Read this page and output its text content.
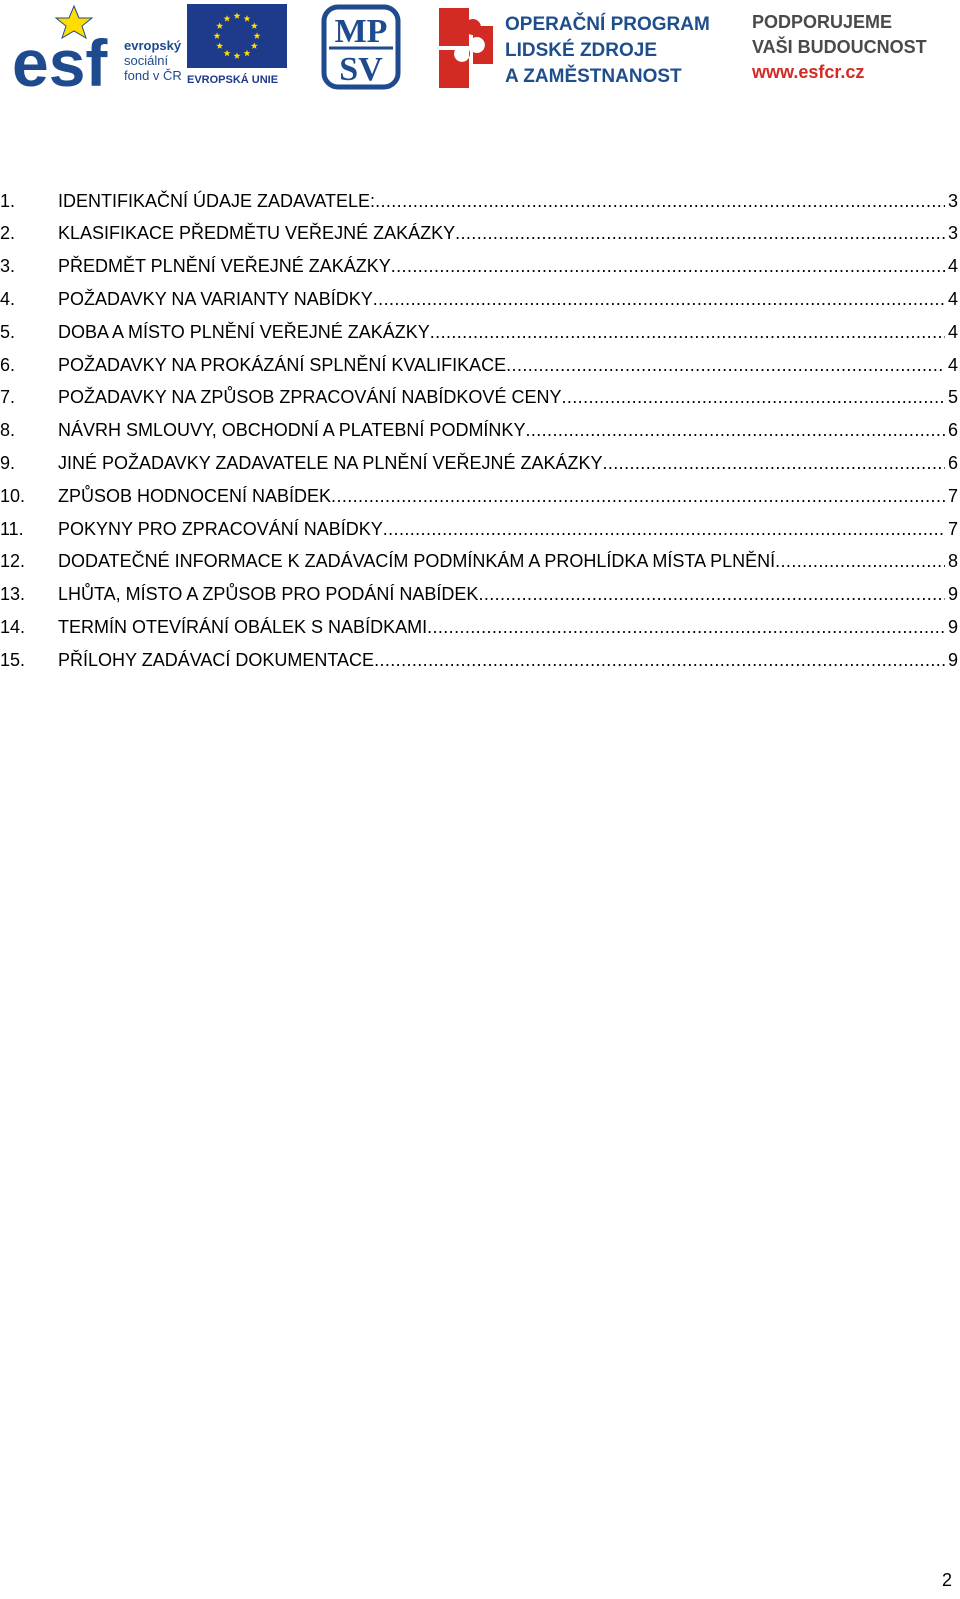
esf evropský
sociální
fond v ČR EVROPSKÁ UNIE
MP
SV
OPERAČNÍ PROGRAM
LIDSKÉ ZDROJE
A ZAMĚSTNANOST
PODPORUJEME
VAŠI BUDOUCNOST
www.esfcr.cz
1.	IDENTIFIKAČNÍ ÚDAJE ZADAVATELE: .....	3
2.	KLASIFIKACE PŘEDMĚTU VEŘEJNÉ ZAKÁZKY .....	3
3.	PŘEDMĚT PLNĚNÍ VEŘEJNÉ ZAKÁZKY .....	4
4.	POŽADAVKY NA VARIANTY NABÍDKY .....	4
5.	DOBA A MÍSTO PLNĚNÍ VEŘEJNÉ ZAKÁZKY .....	4
6.	POŽADAVKY NA PROKÁZÁNÍ SPLNĚNÍ KVALIFIKACE .....	4
7.	POŽADAVKY NA ZPŮSOB ZPRACOVÁNÍ NABÍDKOVÉ CENY .....	5
8.	NÁVRH SMLOUVY, OBCHODNÍ A PLATEBNÍ PODMÍNKY .....	6
9.	JINÉ POŽADAVKY ZADAVATELE NA PLNĚNÍ VEŘEJNÉ ZAKÁZKY .....	6
10.	ZPŮSOB HODNOCENÍ NABÍDEK .....	7
11.	POKYNY PRO ZPRACOVÁNÍ NABÍDKY .....	7
12.	DODATEČNÉ INFORMACE K ZADÁVACÍM PODMÍNKÁM A PROHLÍDKA MÍSTA PLNĚNÍ .....	8
13.	LHŮTA, MÍSTO A ZPŮSOB PRO PODÁNÍ NABÍDEK .....	9
14.	TERMÍN OTEVÍRÁNÍ OBÁLEK S NABÍDKAMI .....	9
15.	PŘÍLOHY ZADÁVACÍ DOKUMENTACE .....	9
2
